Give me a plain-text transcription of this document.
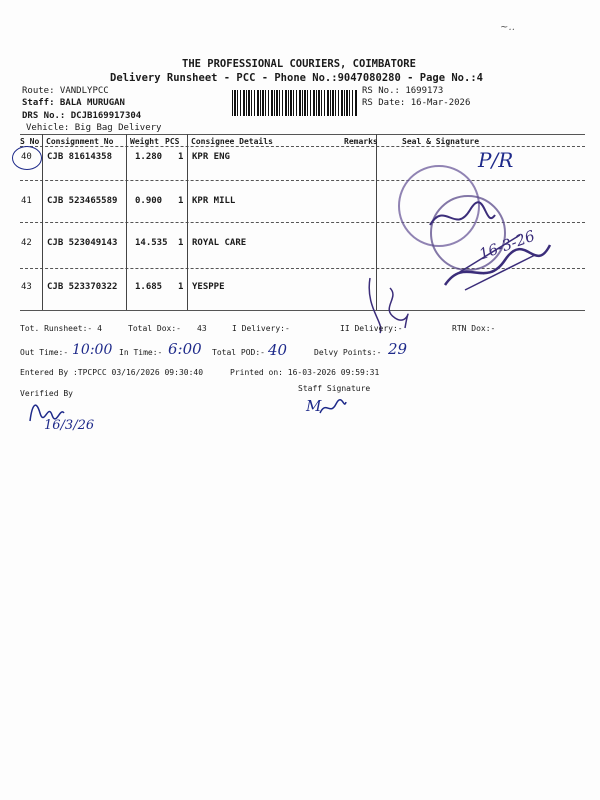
~‥
THE PROFESSIONAL COURIERS, COIMBATORE
Delivery Runsheet - PCC - Phone No.:9047080280 - Page No.:4
Route: VANDLYPCC
Staff: BALA MURUGAN
DRS No.: DCJB169917304
Vehicle: Big Bag Delivery
RS No.: 1699173
RS Date: 16-Mar-2026
S No Consignment No Weight PCS Consignee Details	Remarks	Seal & Signature
40 CJB 81614358	1.280 1 KPR ENG
41 CJB 523465589 0.900 1 KPR MILL
42 CJB 523049143 14.535 1 ROYAL CARE
43 CJB 523370322 1.685 1 YESPPE
P/R
16-3-26
Tot. Runsheet:- 4	Total Dox:- 43	I Delivery:-	II Delivery:-	RTN Dox:-
Out Time:- 10:00 In Time:- 6:00 Total POD:- 40	Delvy Points:- 29
Entered By :TPCPCC 03/16/2026 09:30:40	Printed on: 16-03-2026 09:59:31
Verified By
Staff Signature
16/3/26
M
